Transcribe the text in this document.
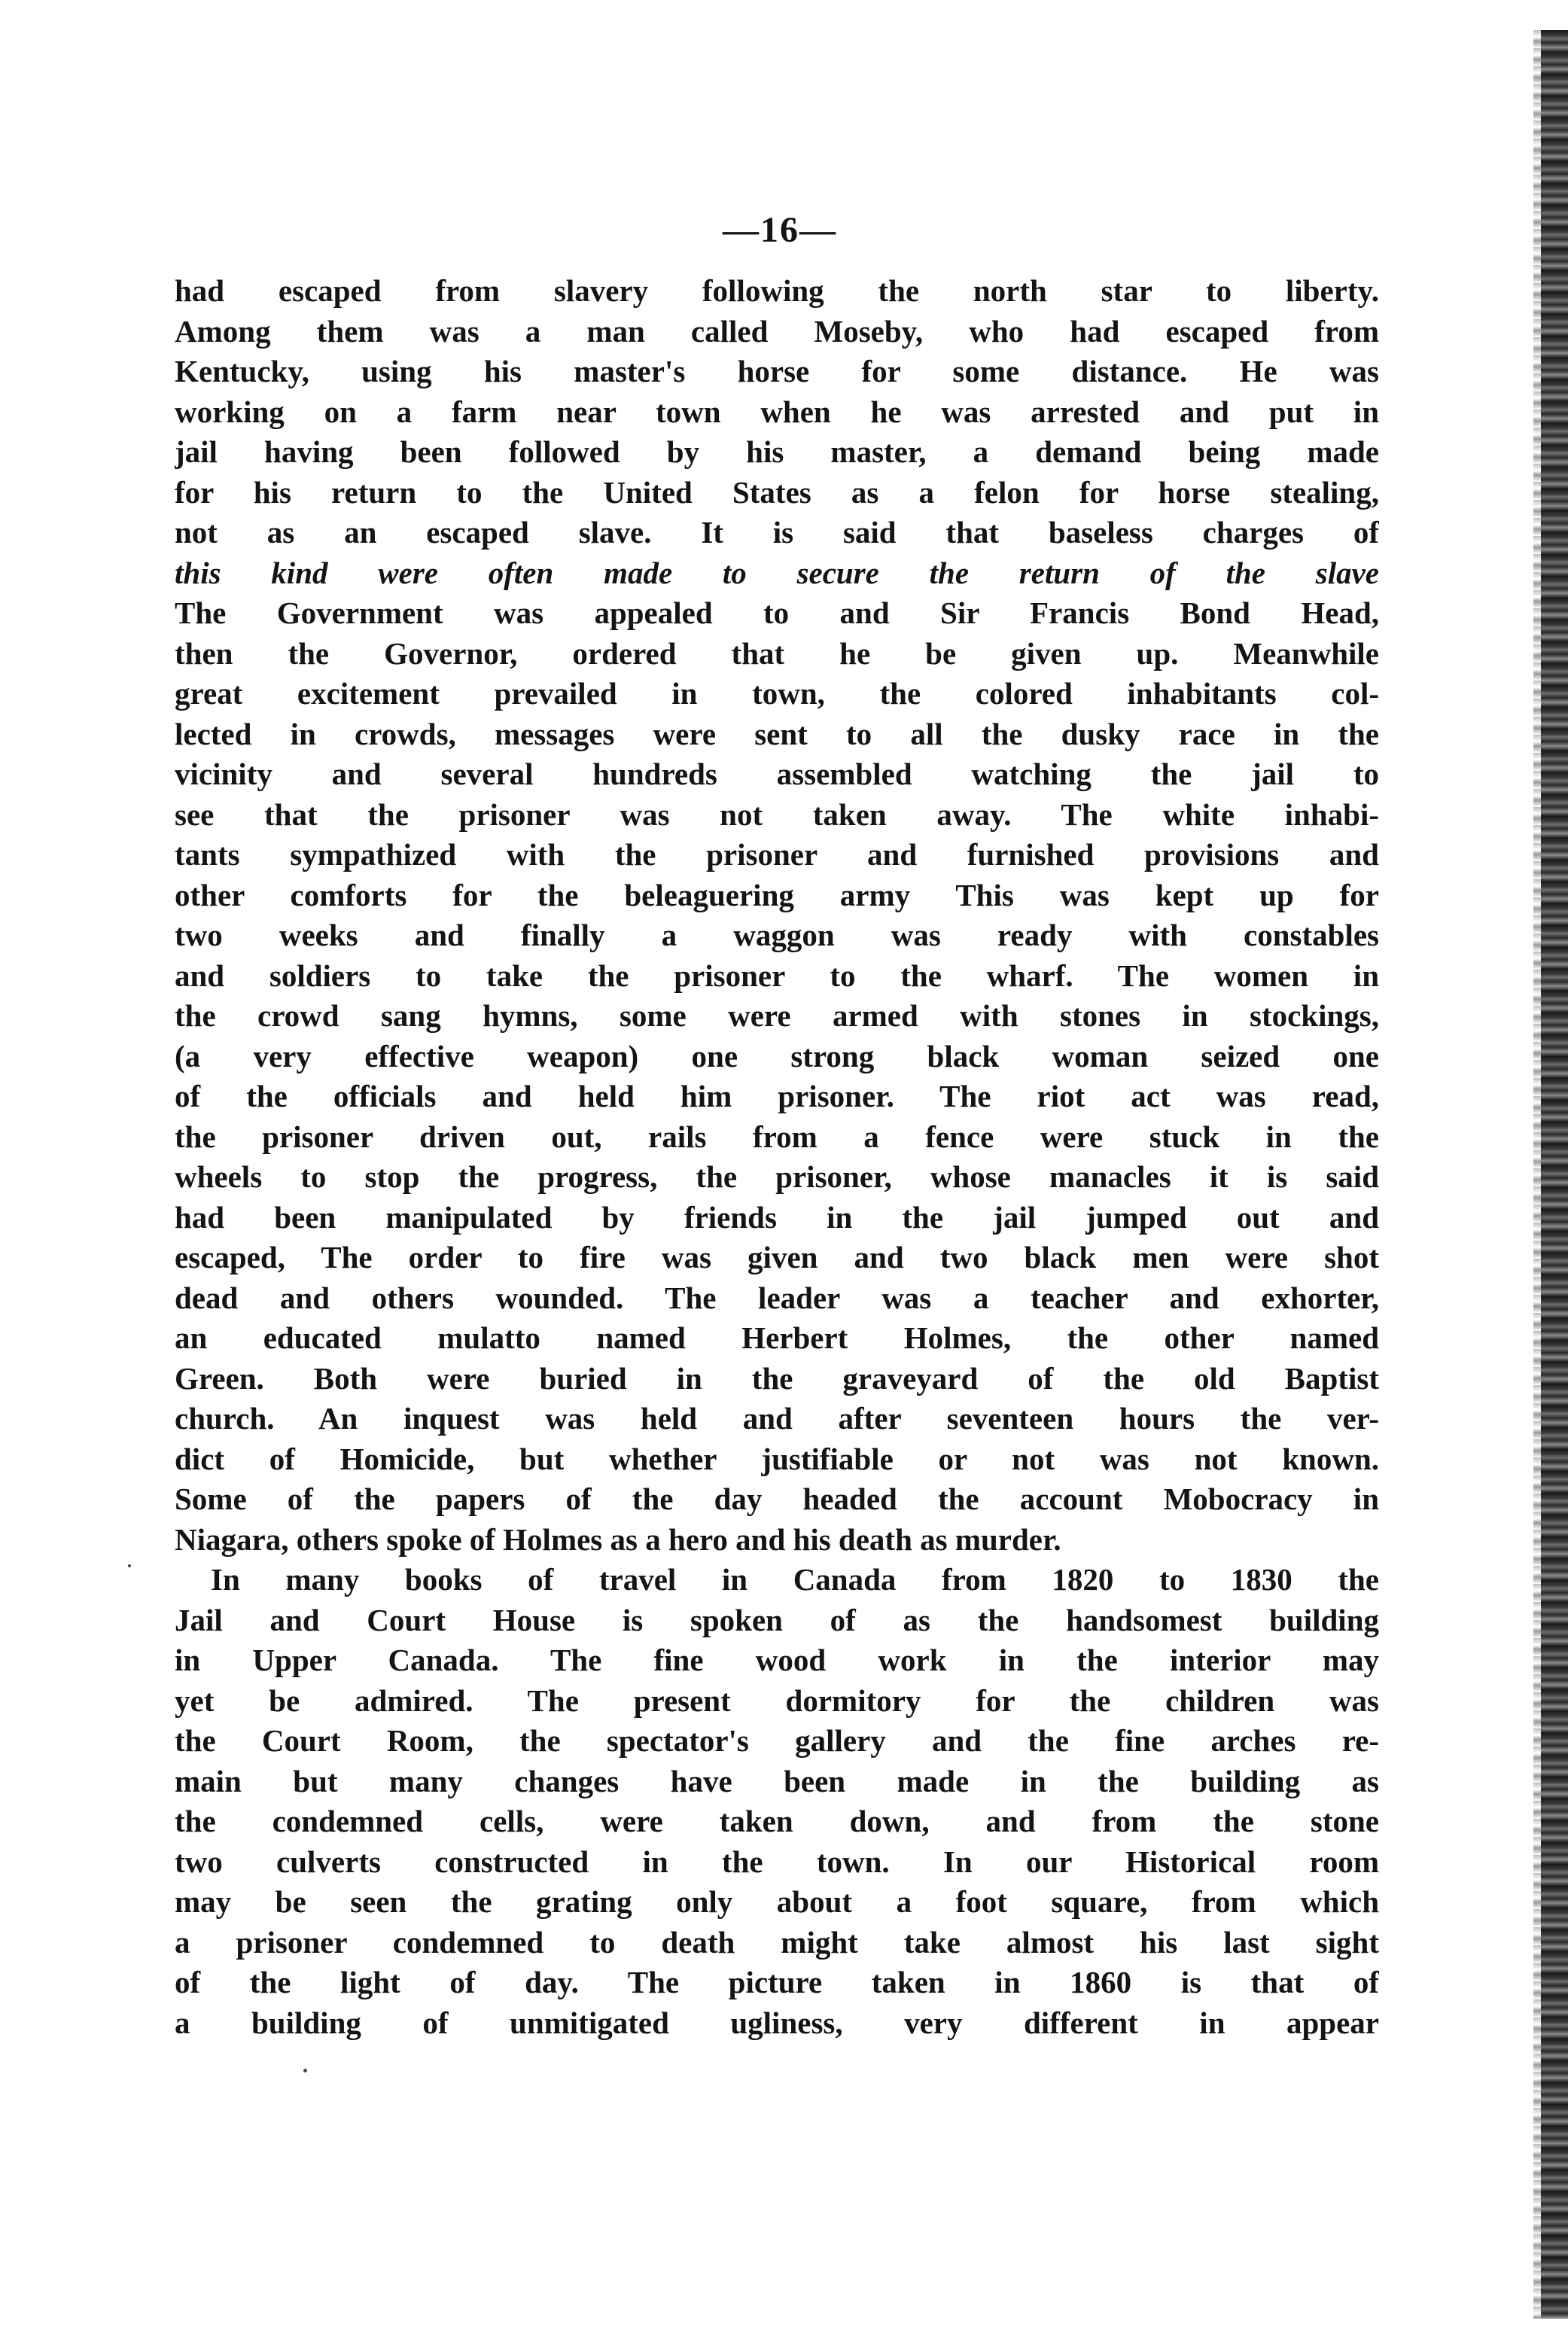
—16—
had escaped from slavery following the north star to liberty.
Among them was a man called Moseby, who had escaped from
Kentucky, using his master's horse for some distance. He was
working on a farm near town when he was arrested and put in
jail having been followed by his master, a demand being made
for his return to the United States as a felon for horse stealing,
not as an escaped slave. It is said that baseless charges of
this kind were often made to secure the return of the slave
The Government was appealed to and Sir Francis Bond Head,
then the Governor, ordered that he be given up. Meanwhile
great excitement prevailed in town, the colored inhabitants col-
lected in crowds, messages were sent to all the dusky race in the
vicinity and several hundreds assembled watching the jail to
see that the prisoner was not taken away. The white inhabi-
tants sympathized with the prisoner and furnished provisions and
other comforts for the beleaguering army This was kept up for
two weeks and finally a waggon was ready with constables
and soldiers to take the prisoner to the wharf. The women in
the crowd sang hymns, some were armed with stones in stockings,
(a very effective weapon) one strong black woman seized one
of the officials and held him prisoner. The riot act was read,
the prisoner driven out, rails from a fence were stuck in the
wheels to stop the progress, the prisoner, whose manacles it is said
had been manipulated by friends in the jail jumped out and
escaped, The order to fire was given and two black men were shot
dead and others wounded. The leader was a teacher and exhorter,
an educated mulatto named Herbert Holmes, the other named
Green. Both were buried in the graveyard of the old Baptist
church. An inquest was held and after seventeen hours the ver-
dict of Homicide, but whether justifiable or not was not known.
Some of the papers of the day headed the account Mobocracy in
Niagara, others spoke of Holmes as a hero and his death as murder.
In many books of travel in Canada from 1820 to 1830 the
Jail and Court House is spoken of as the handsomest building
in Upper Canada. The fine wood work in the interior may
yet be admired. The present dormitory for the children was
the Court Room, the spectator's gallery and the fine arches re-
main but many changes have been made in the building as
the condemned cells, were taken down, and from the stone
two culverts constructed in the town. In our Historical room
may be seen the grating only about a foot square, from which
a prisoner condemned to death might take almost his last sight
of the light of day. The picture taken in 1860 is that of
a building of unmitigated ugliness, very different in appear
